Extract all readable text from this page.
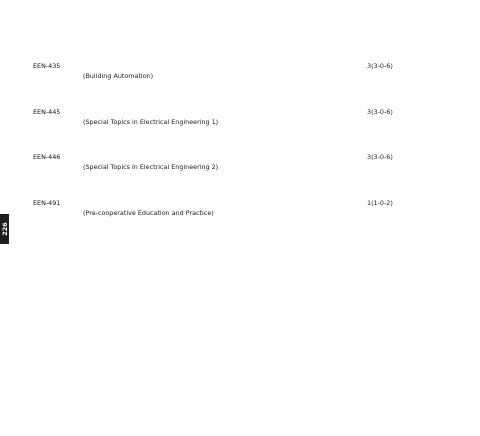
226

EEN-435	3(3-0-6)
(Building Automation)
EEN-445	3(3-0-6)
(Special Topics in Electrical Engineering 1)
EEN-446	3(3-0-6)
(Special Topics in Electrical Engineering 2)
EEN-491	1(1-0-2)
(Pre-cooperative Education and Practice)
